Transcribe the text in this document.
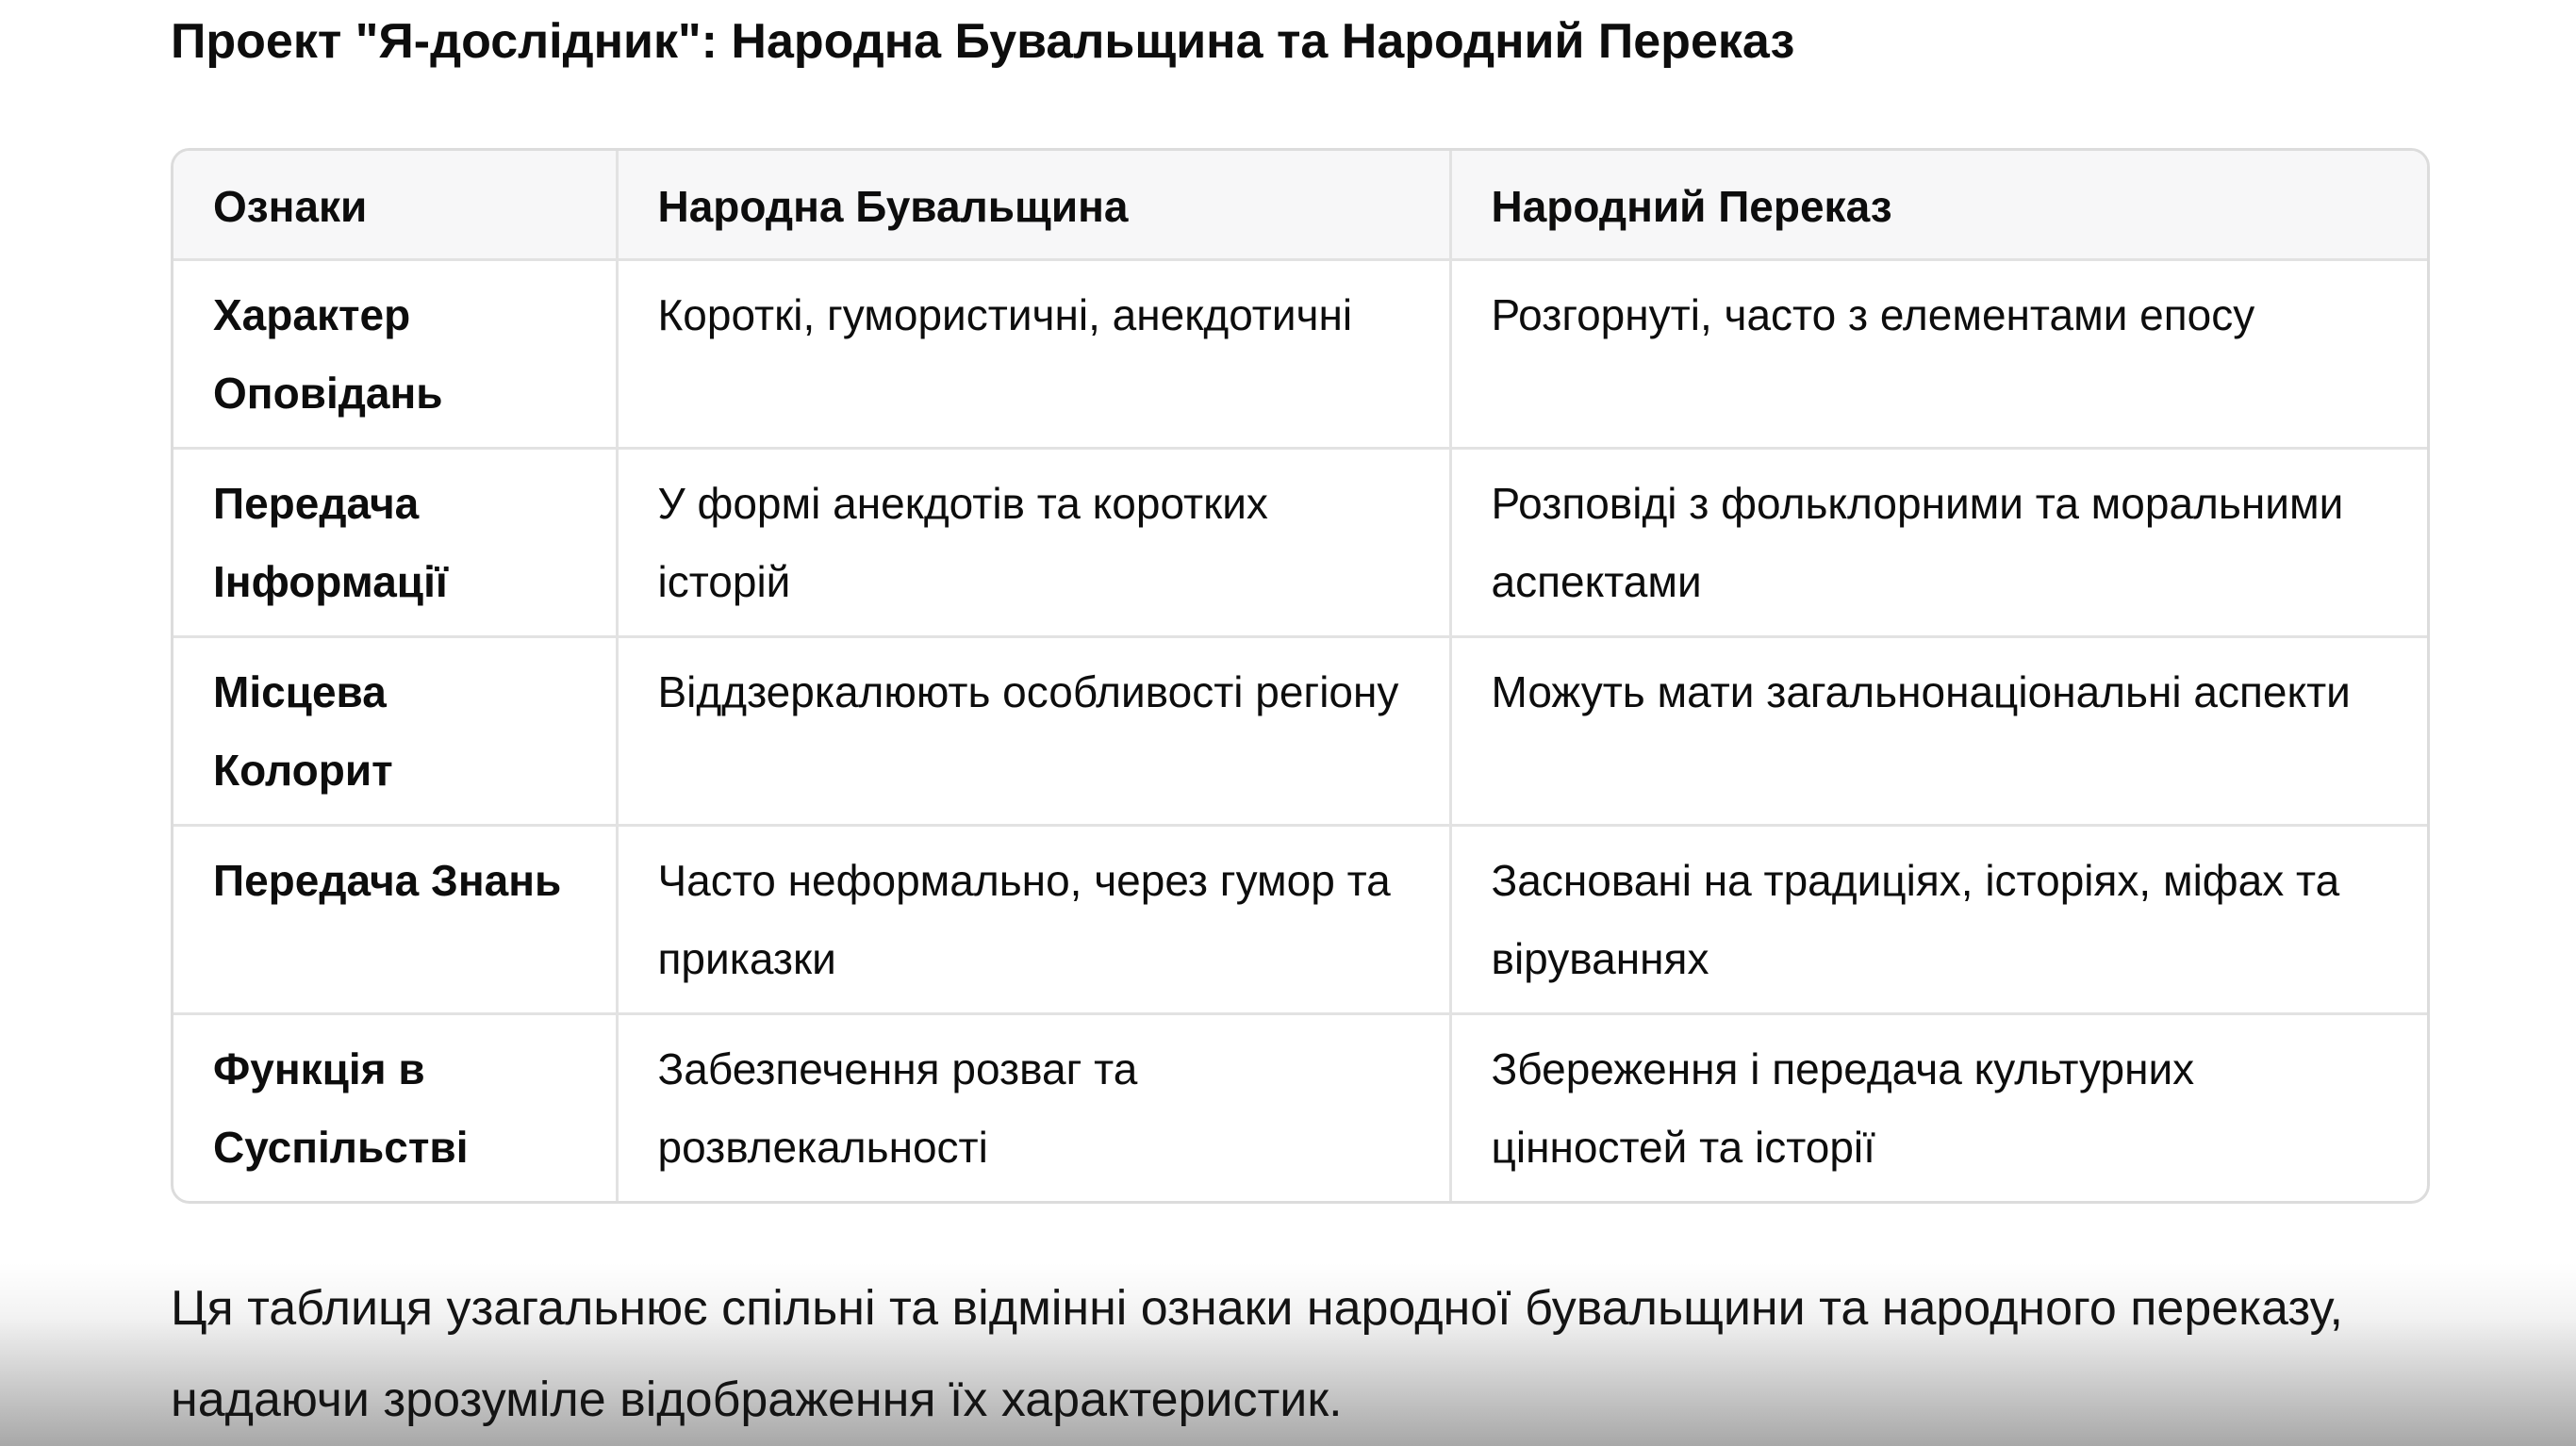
Проект "Я-дослідник": Народна Бувальщина та Народний Переказ
Ознаки	Народна Бувальщина	Народний Переказ
Характер Оповідань	Короткі, гумористичні, анекдотичні	Розгорнуті, часто з елементами епосу
Передача Інформації	У формі анекдотів та коротких історій	Розповіді з фольклорними та моральними аспектами
Місцева Колорит	Віддзеркалюють особливості регіону	Можуть мати загальнонаціональні аспекти
Передача Знань	Часто неформально, через гумор та приказки	Засновані на традиціях, історіях, міфах та віруваннях
Функція в Суспільстві	Забезпечення розваг та розвлекальності	Збереження і передача культурних цінностей та історії
Ця таблиця узагальнює спільні та відмінні ознаки народної бувальщини та народного переказу, надаючи зрозуміле відображення їх характеристик.
